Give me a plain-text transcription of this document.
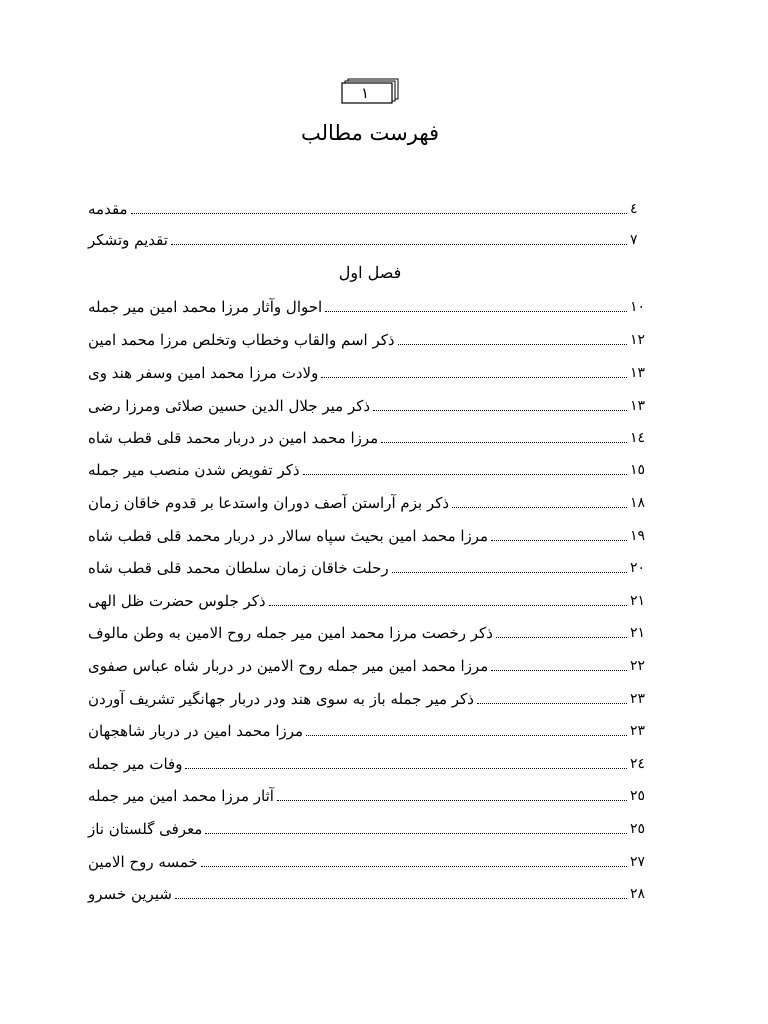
۱
فهرست مطالب
مقدمه	٤
تقدیم وتشکر	٧
فصل اول
احوال وآثار مرزا محمد امین میر جمله	١٠
ذکر اسم والقاب وخطاب وتخلص مرزا محمد امین	١٢
ولادت مرزا محمد امین وسفر هند وی	١٣
ذکر میر جلال الدین حسین صلائی ومرزا رضی	١٣
مرزا محمد امین در دربار محمد قلی قطب شاه	١٤
ذکر تفویض شدن منصب میر جمله	١٥
ذکر بزم آراستن آصف دوران واستدعا بر قدوم خاقان زمان	١٨
مرزا محمد امین بحیث سپاه سالار در دربار محمد قلی قطب شاه	١٩
رحلت خاقان زمان سلطان محمد قلی قطب شاه	٢٠
ذکر جلوس حضرت ظل الهی	٢١
ذکر رخصت مرزا محمد امین میر جمله روح الامین به وطن مالوف	٢١
مرزا محمد امین میر جمله روح الامین در دربار شاه عباس صفوی	٢٢
ذکر میر جمله باز به سوی هند ودر دربار جهانگیر تشریف آوردن	٢٣
مرزا محمد امین در دربار شاهجهان	٢٣
وفات میر جمله	٢٤
آثار مرزا محمد امین میر جمله	٢٥
معرفی گلستان ناز	٢٥
خمسه روح الامین	٢٧
شیرین خسرو	٢٨
